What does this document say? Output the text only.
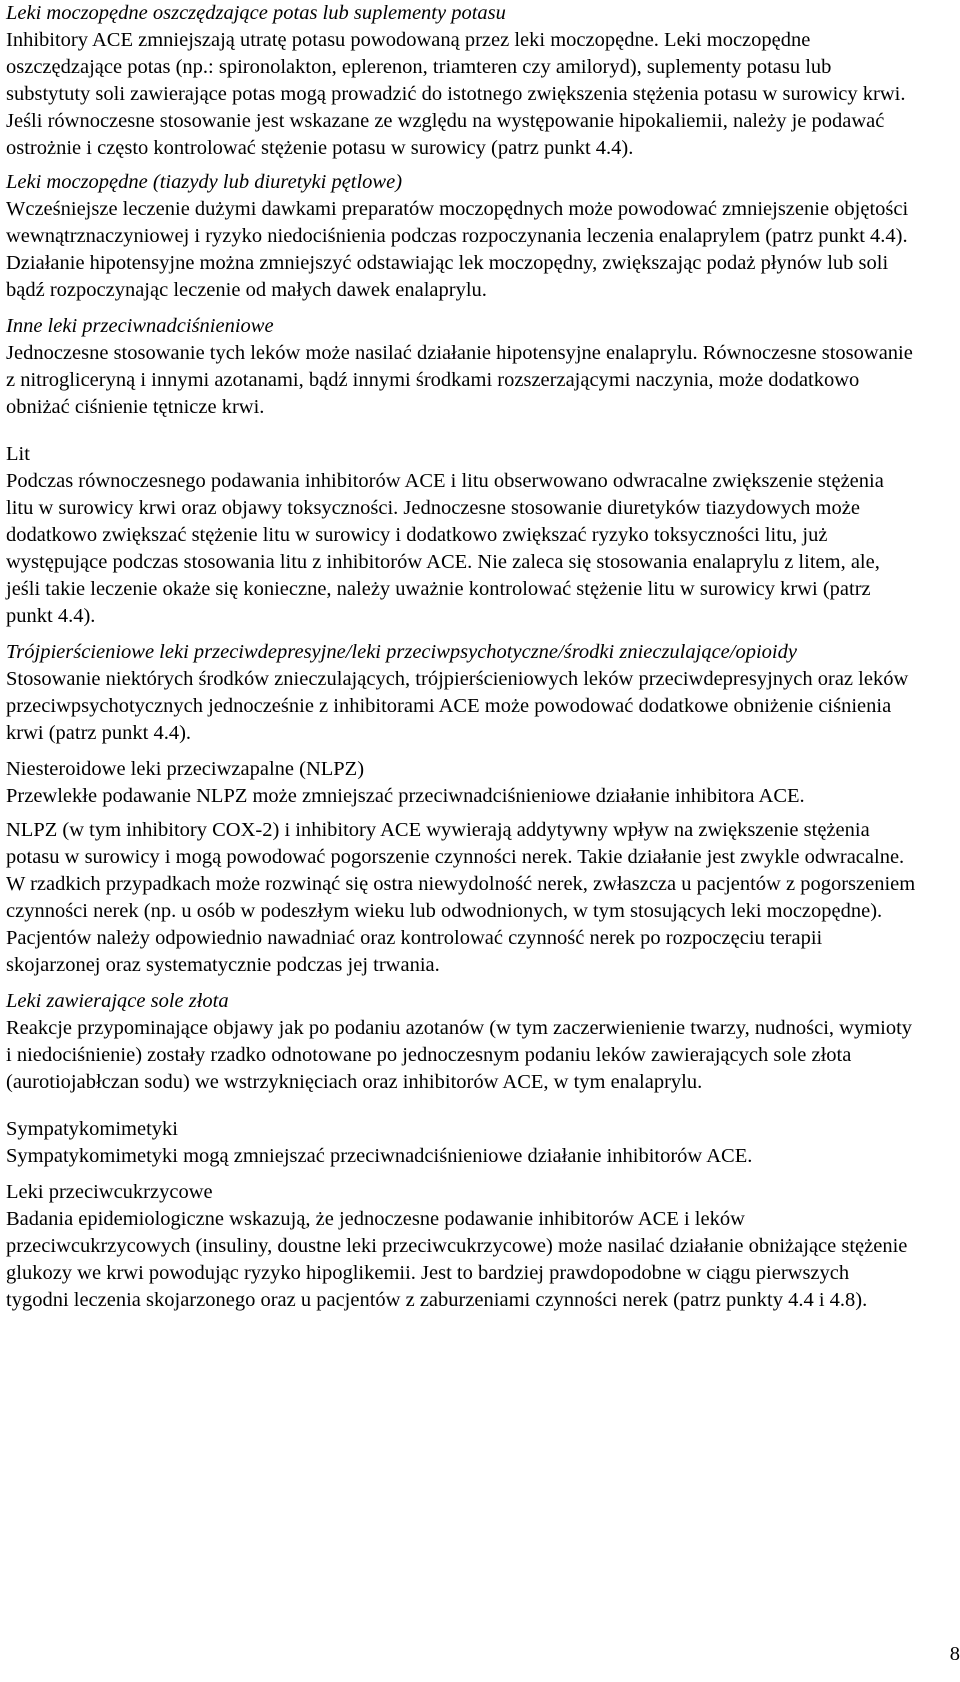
Leki moczopędne oszczędzające potas lub suplementy potasu

Inhibitory ACE zmniejszają utratę potasu powodowaną przez leki moczopędne. Leki moczopędne oszczędzające potas (np.: spironolakton, eplerenon, triamteren czy amiloryd), suplementy potasu lub substytuty soli zawierające potas mogą prowadzić do istotnego zwiększenia stężenia potasu w surowicy krwi. Jeśli równoczesne stosowanie jest wskazane ze względu na występowanie hipokaliemii, należy je podawać ostrożnie i często kontrolować stężenie potasu w surowicy (patrz punkt 4.4).

Leki moczopędne (tiazydy lub diuretyki pętlowe)

Wcześniejsze leczenie dużymi dawkami preparatów moczopędnych może powodować zmniejszenie objętości wewnątrznaczyniowej i ryzyko niedociśnienia podczas rozpoczynania leczenia enalaprylem (patrz punkt 4.4). Działanie hipotensyjne można zmniejszyć odstawiając lek moczopędny, zwiększając podaż płynów lub soli bądź rozpoczynając leczenie od małych dawek enalaprylu.

Inne leki przeciwnadciśnieniowe

Jednoczesne stosowanie tych leków może nasilać działanie hipotensyjne enalaprylu. Równoczesne stosowanie z nitrogliceryną i innymi azotanami, bądź innymi środkami rozszerzającymi naczynia, może dodatkowo obniżać ciśnienie tętnicze krwi.

Lit

Podczas równoczesnego podawania inhibitorów ACE i litu obserwowano odwracalne zwiększenie stężenia litu w surowicy krwi oraz objawy toksyczności. Jednoczesne stosowanie diuretyków tiazydowych może dodatkowo zwiększać stężenie litu w surowicy i dodatkowo zwiększać ryzyko toksyczności litu, już występujące podczas stosowania litu z inhibitorów ACE. Nie zaleca się stosowania enalaprylu z litem, ale, jeśli takie leczenie okaże się konieczne, należy uważnie kontrolować stężenie litu w surowicy krwi (patrz punkt 4.4).

Trójpierścieniowe leki przeciwdepresyjne/leki przeciwpsychotyczne/środki znieczulające/opioidy

Stosowanie niektórych środków znieczulających, trójpierścieniowych leków przeciwdepresyjnych oraz leków przeciwpsychotycznych jednocześnie z inhibitorami ACE może powodować dodatkowe obniżenie ciśnienia krwi (patrz punkt 4.4).

Niesteroidowe leki przeciwzapalne (NLPZ)

Przewlekłe podawanie NLPZ może zmniejszać przeciwnadciśnieniowe działanie inhibitora ACE.

NLPZ (w tym inhibitory COX-2) i inhibitory ACE wywierają addytywny wpływ na zwiększenie stężenia potasu w surowicy i mogą powodować pogorszenie czynności nerek. Takie działanie jest zwykle odwracalne. W rzadkich przypadkach może rozwinąć się ostra niewydolność nerek, zwłaszcza u pacjentów z pogorszeniem czynności nerek (np. u osób w podeszłym wieku lub odwodnionych, w tym stosujących leki moczopędne). Pacjentów należy odpowiednio nawadniać oraz kontrolować czynność nerek po rozpoczęciu terapii skojarzonej oraz systematycznie podczas jej trwania.

Leki zawierające sole złota

Reakcje przypominające objawy jak po podaniu azotanów (w tym zaczerwienienie twarzy, nudności, wymioty i niedociśnienie) zostały rzadko odnotowane po jednoczesnym podaniu leków zawierających sole złota (aurotiojabłczan sodu) we wstrzyknięciach oraz inhibitorów ACE, w tym enalaprylu.

Sympatykomimetyki

Sympatykomimetyki mogą zmniejszać przeciwnadciśnieniowe działanie inhibitorów ACE.

Leki przeciwcukrzycowe

Badania epidemiologiczne wskazują, że jednoczesne podawanie inhibitorów ACE i leków przeciwcukrzycowych (insuliny, doustne leki przeciwcukrzycowe) może nasilać działanie obniżające stężenie glukozy we krwi powodując ryzyko hipoglikemii. Jest to bardziej prawdopodobne w ciągu pierwszych tygodni leczenia skojarzonego oraz u pacjentów z zaburzeniami czynności nerek (patrz punkty 4.4 i 4.8).

8
